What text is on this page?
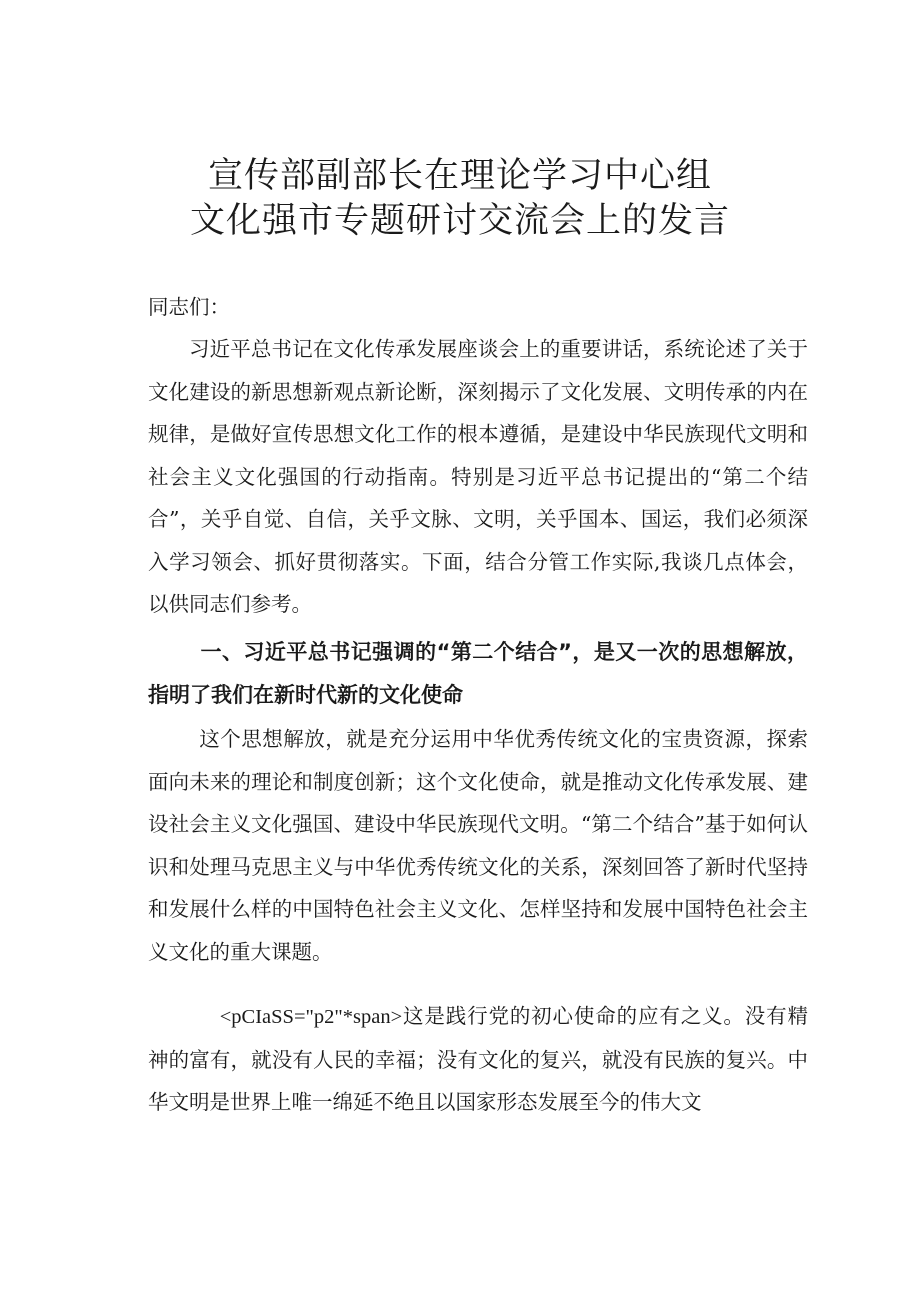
宣传部副部长在理论学习中心组
文化强市专题研讨交流会上的发言
同志们：
习近平总书记在文化传承发展座谈会上的重要讲话，系统论述了关于文化建设的新思想新观点新论断，深刻揭示了文化发展、文明传承的内在规律，是做好宣传思想文化工作的根本遵循，是建设中华民族现代文明和社会主义文化强国的行动指南。特别是习近平总书记提出的“第二个结合”，关乎自觉、自信，关乎文脉、文明，关乎国本、国运，我们必须深入学习领会、抓好贯彻落实。下面，结合分管工作实际,我谈几点体会，以供同志们参考。
一、习近平总书记强调的“第二个结合”，是又一次的思想解放，指明了我们在新时代新的文化使命
这个思想解放，就是充分运用中华优秀传统文化的宝贵资源，探索面向未来的理论和制度创新；这个文化使命，就是推动文化传承发展、建设社会主义文化强国、建设中华民族现代文明。“第二个结合”基于如何认识和处理马克思主义与中华优秀传统文化的关系，深刻回答了新时代坚持和发展什么样的中国特色社会主义文化、怎样坚持和发展中国特色社会主义文化的重大课题。
<pCIaSS="p2"*span>这是践行党的初心使命的应有之义。没有精神的富有，就没有人民的幸福；没有文化的复兴，就没有民族的复兴。中华文明是世界上唯一绵延不绝且以国家形态发展至今的伟大文
